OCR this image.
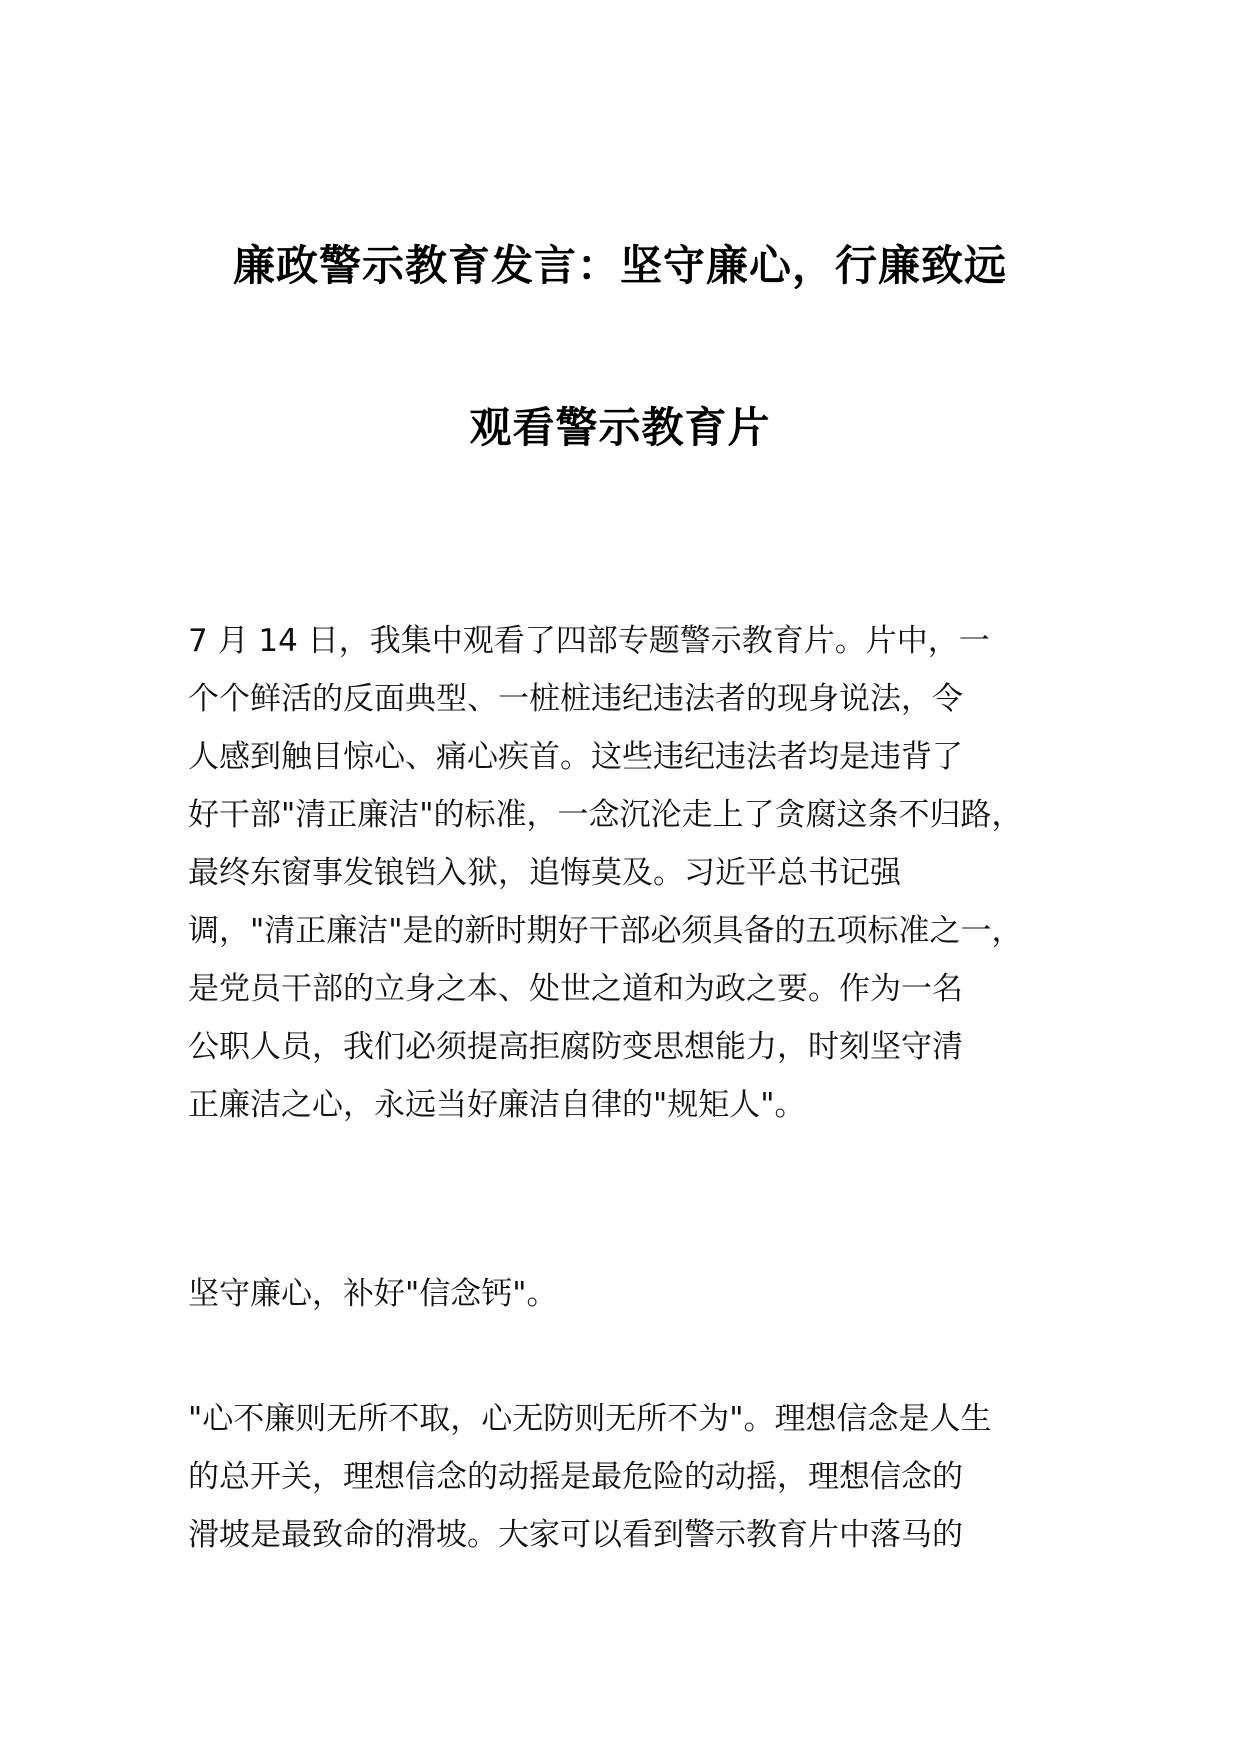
廉政警示教育发言：坚守廉心，行廉致远
观看警示教育片

7 月 14 日，我集中观看了四部专题警示教育片。片中，一
个个鲜活的反面典型、一桩桩违纪违法者的现身说法，令
人感到触目惊心、痛心疾首。这些违纪违法者均是违背了
好干部"清正廉洁"的标准，一念沉沦走上了贪腐这条不归路，
最终东窗事发锒铛入狱，追悔莫及。习近平总书记强
调，"清正廉洁"是的新时期好干部必须具备的五项标准之一，
是党员干部的立身之本、处世之道和为政之要。作为一名
公职人员，我们必须提高拒腐防变思想能力，时刻坚守清
正廉洁之心，永远当好廉洁自律的"规矩人"。

坚守廉心，补好"信念钙"。

"心不廉则无所不取，心无防则无所不为"。理想信念是人生
的总开关，理想信念的动摇是最危险的动摇，理想信念的
滑坡是最致命的滑坡。大家可以看到警示教育片中落马的
